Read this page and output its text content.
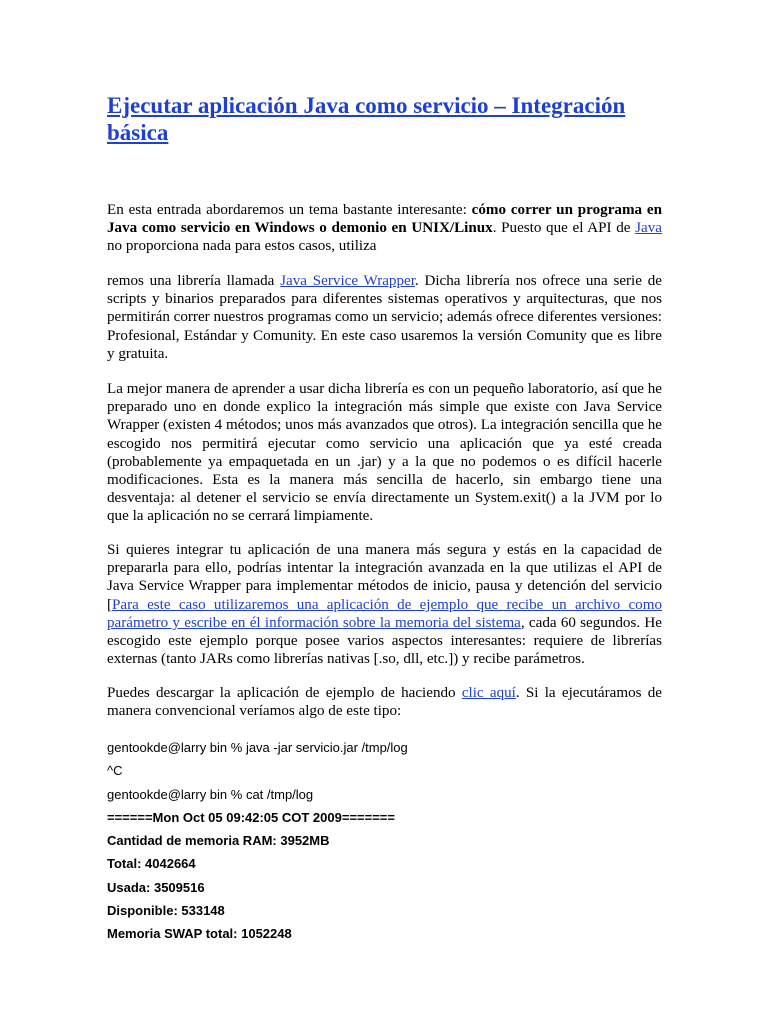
Ejecutar aplicación Java como servicio – Integración básica

En esta entrada abordaremos un tema bastante interesante: cómo correr un programa en Java como servicio en Windows o demonio en UNIX/Linux. Puesto que el API de Java no proporciona nada para estos casos, utiliza

remos una librería llamada Java Service Wrapper. Dicha librería nos ofrece una serie de scripts y binarios preparados para diferentes sistemas operativos y arquitecturas, que nos permitirán correr nuestros programas como un servicio; además ofrece diferentes versiones: Profesional, Estándar y Comunity. En este caso usaremos la versión Comunity que es libre y gratuita.

La mejor manera de aprender a usar dicha librería es con un pequeño laboratorio, así que he preparado uno en donde explico la integración más simple que existe con Java Service Wrapper (existen 4 métodos; unos más avanzados que otros). La integración sencilla que he escogido nos permitirá ejecutar como servicio una aplicación que ya esté creada (probablemente ya empaquetada en un .jar) y a la que no podemos o es difícil hacerle modificaciones. Esta es la manera más sencilla de hacerlo, sin embargo tiene una desventaja: al detener el servicio se envía directamente un System.exit() a la JVM por lo que la aplicación no se cerrará limpiamente.

Si quieres integrar tu aplicación de una manera más segura y estás en la capacidad de prepararla para ello, podrías intentar la integración avanzada en la que utilizas el API de Java Service Wrapper para implementar métodos de inicio, pausa y detención del servicio [Para este caso utilizaremos una aplicación de ejemplo que recibe un archivo como parámetro y escribe en él información sobre la memoria del sistema, cada 60 segundos. He escogido este ejemplo porque posee varios aspectos interesantes: requiere de librerías externas (tanto JARs como librerías nativas [.so, dll, etc.]) y recibe parámetros.

Puedes descargar la aplicación de ejemplo de haciendo clic aquí. Si la ejecutáramos de manera convencional veríamos algo de este tipo:

gentookde@larry bin % java -jar servicio.jar /tmp/log
^C
gentookde@larry bin % cat /tmp/log
======Mon Oct 05 09:42:05 COT 2009=======
Cantidad de memoria RAM: 3952MB
Total: 4042664
Usada: 3509516
Disponible: 533148
Memoria SWAP total: 1052248
